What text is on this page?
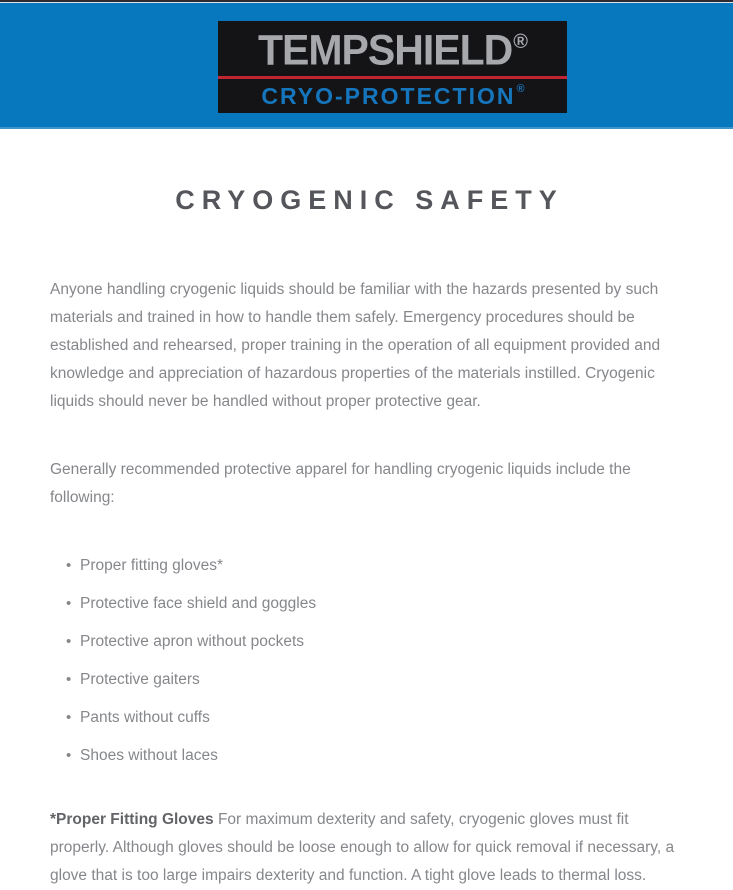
TEMPSHIELD ®
CRYO-PROTECTION ®
CRYOGENIC SAFETY

Anyone handling cryogenic liquids should be familiar with the hazards presented by such materials and trained in how to handle them safely. Emergency procedures should be established and rehearsed, proper training in the operation of all equipment provided and knowledge and appreciation of hazardous properties of the materials instilled. Cryogenic liquids should never be handled without proper protective gear.

Generally recommended protective apparel for handling cryogenic liquids include the following:

• Proper fitting gloves*
• Protective face shield and goggles
• Protective apron without pockets
• Protective gaiters
• Pants without cuffs
• Shoes without laces

*Proper Fitting Gloves For maximum dexterity and safety, cryogenic gloves must fit properly. Although gloves should be loose enough to allow for quick removal if necessary, a glove that is too large impairs dexterity and function. A tight glove leads to thermal loss.
